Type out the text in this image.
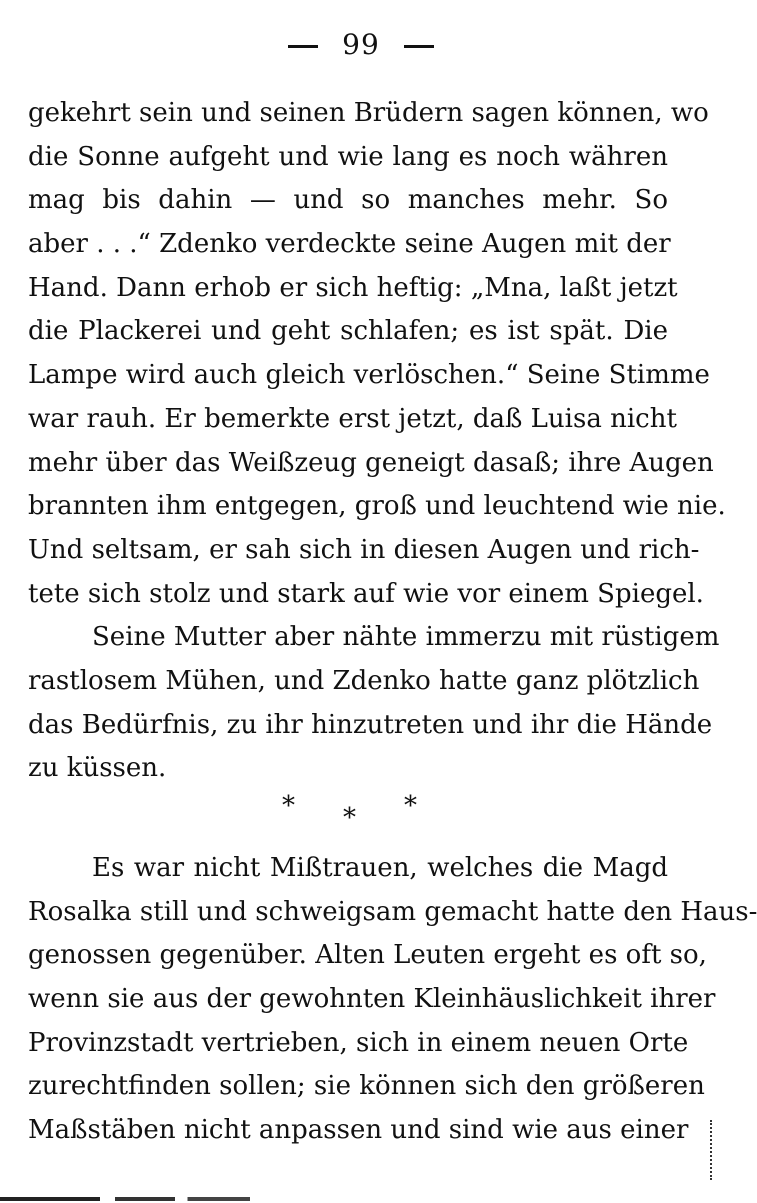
99
gekehrt sein und seinen Brüdern sagen können, wo
die Sonne aufgeht und wie lang es noch währen
mag bis dahin — und so manches mehr. So
aber . . .“ Zdenko verdeckte seine Augen mit der
Hand. Dann erhob er sich heftig: „Mna, laßt jetzt
die Plackerei und geht schlafen; es ist spät. Die
Lampe wird auch gleich verlöschen.“ Seine Stimme
war rauh. Er bemerkte erst jetzt, daß Luisa nicht
mehr über das Weißzeug geneigt dasaß; ihre Augen
brannten ihm entgegen, groß und leuchtend wie nie.
Und seltsam, er sah sich in diesen Augen und rich-
tete sich stolz und stark auf wie vor einem Spiegel.
Seine Mutter aber nähte immerzu mit rüstigem
rastlosem Mühen, und Zdenko hatte ganz plötzlich
das Bedürfnis, zu ihr hinzutreten und ihr die Hände
zu küssen.
* * *
Es war nicht Mißtrauen, welches die Magd
Rosalka still und schweigsam gemacht hatte den Haus-
genossen gegenüber. Alten Leuten ergeht es oft so,
wenn sie aus der gewohnten Kleinhäuslichkeit ihrer
Provinzstadt vertrieben, sich in einem neuen Orte
zurechtfinden sollen; sie können sich den größeren
Maßstäben nicht anpassen und sind wie aus einer
